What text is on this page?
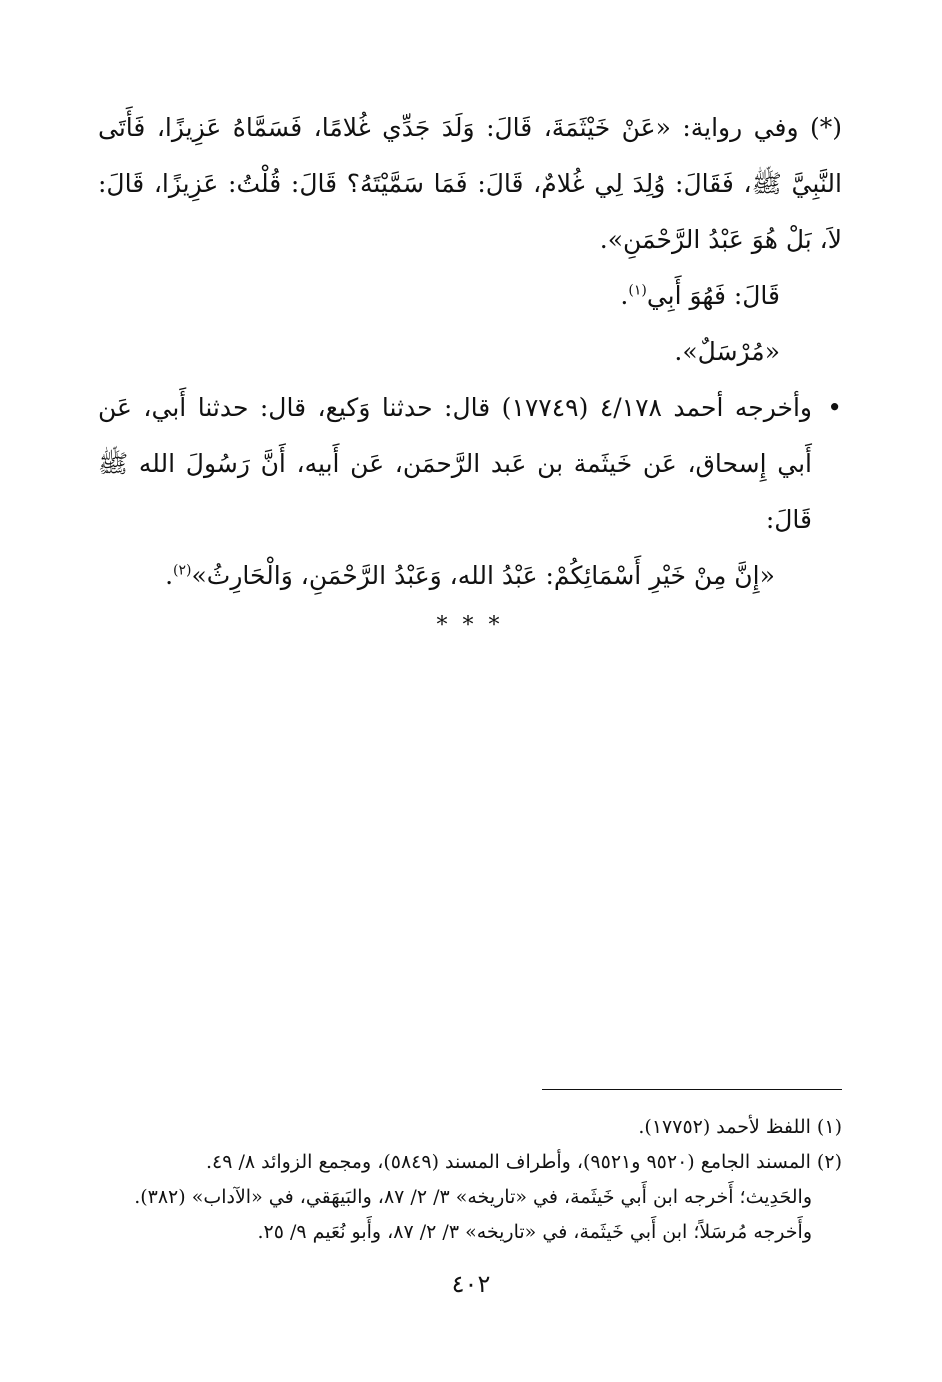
(*) وفي رواية: «عَنْ خَيْثَمَةَ، قَالَ: وَلَدَ جَدِّي غُلامًا، فَسَمَّاهُ عَزِيزًا، فَأَتَى النَّبِيَّ ﷺ، فَقَالَ: وُلِدَ لِي غُلامٌ، قَالَ: فَمَا سَمَّيْتَهُ؟ قَالَ: قُلْتُ: عَزِيزًا، قَالَ: لاَ، بَلْ هُوَ عَبْدُ الرَّحْمَنِ».

قَالَ: فَهُوَ أَبِي$^{(١)}$.

«مُرْسَلٌ».

•
وأخرجه أحمد ٤/١٧٨ (١٧٧٤٩) قال: حدثنا وَكيع، قال: حدثنا أَبي، عَن أَبي إِسحاق، عَن خَيثَمة بن عَبد الرَّحمَن، عَن أَبيه، أَنَّ رَسُولَ الله ﷺ قَالَ:

«إِنَّ مِنْ خَيْرِ أَسْمَائِكُمْ: عَبْدُ الله، وَعَبْدُ الرَّحْمَنِ، وَالْحَارِثُ»$^{(٢)}$.

* * *

(١) اللفظ لأحمد (١٧٧٥٢).

(٢) المسند الجامع (٩٥٢٠ و٩٥٢١)، وأطراف المسند (٥٨٤٩)، ومجمع الزوائد ٨/ ٤٩.

والحَدِيث؛ أَخرجه ابن أَبي خَيثَمة، في «تاريخه» ٣/ ٢/ ٨٧، والبَيهَقي، في «الآداب» (٣٨٢).

وأَخرجه مُرسَلاً؛ ابن أَبي خَيثَمة، في «تاريخه» ٣/ ٢/ ٨٧، وأَبو نُعَيم ٩/ ٢٥.

٤٠٢
